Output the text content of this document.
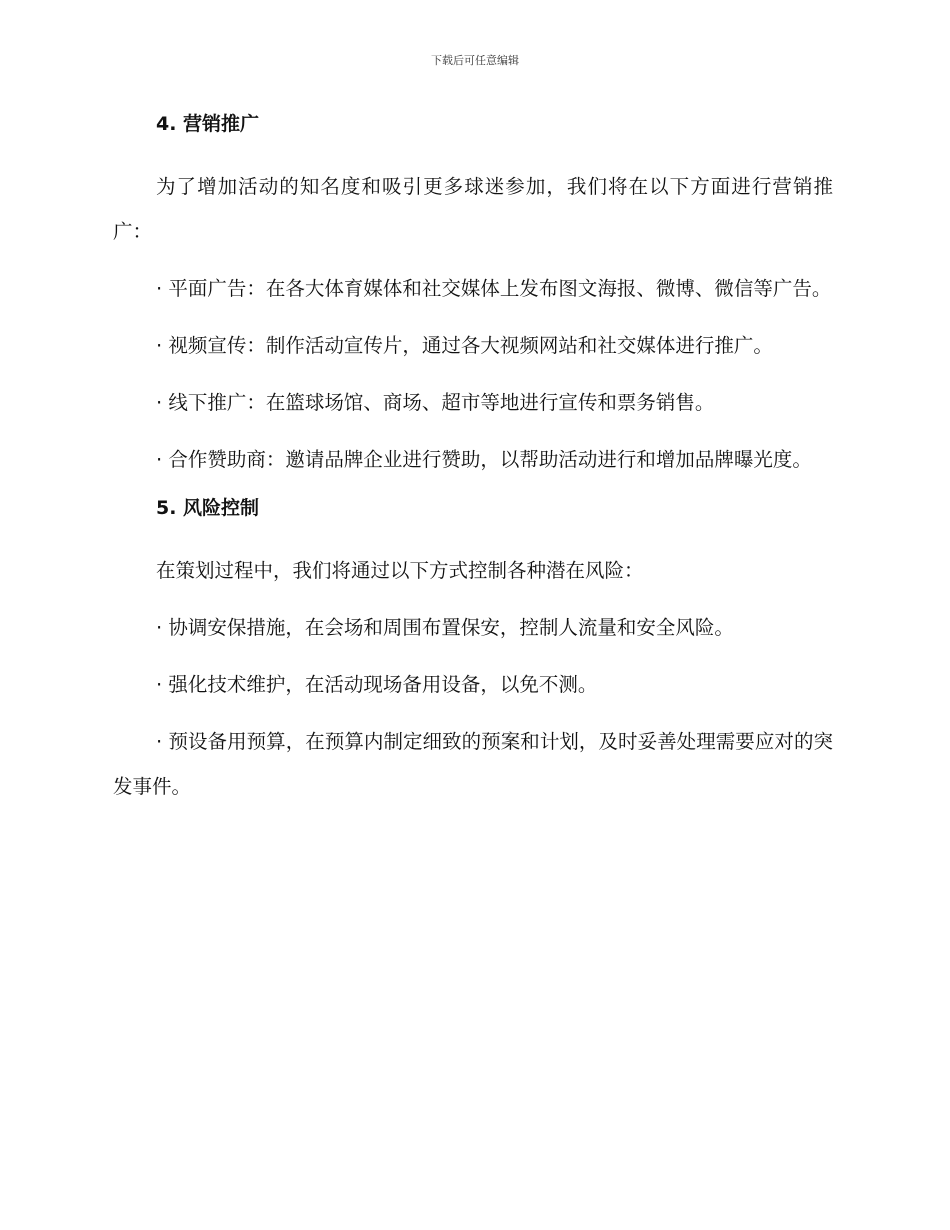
下载后可任意编辑
4. 营销推广

为了增加活动的知名度和吸引更多球迷参加，我们将在以下方面进行营销推广：

· 平面广告：在各大体育媒体和社交媒体上发布图文海报、微博、微信等广告。

· 视频宣传：制作活动宣传片，通过各大视频网站和社交媒体进行推广。

· 线下推广：在篮球场馆、商场、超市等地进行宣传和票务销售。

· 合作赞助商：邀请品牌企业进行赞助，以帮助活动进行和增加品牌曝光度。

5. 风险控制

在策划过程中，我们将通过以下方式控制各种潜在风险：

· 协调安保措施，在会场和周围布置保安，控制人流量和安全风险。

· 强化技术维护，在活动现场备用设备，以免不测。

· 预设备用预算，在预算内制定细致的预案和计划，及时妥善处理需要应对的突发事件。
